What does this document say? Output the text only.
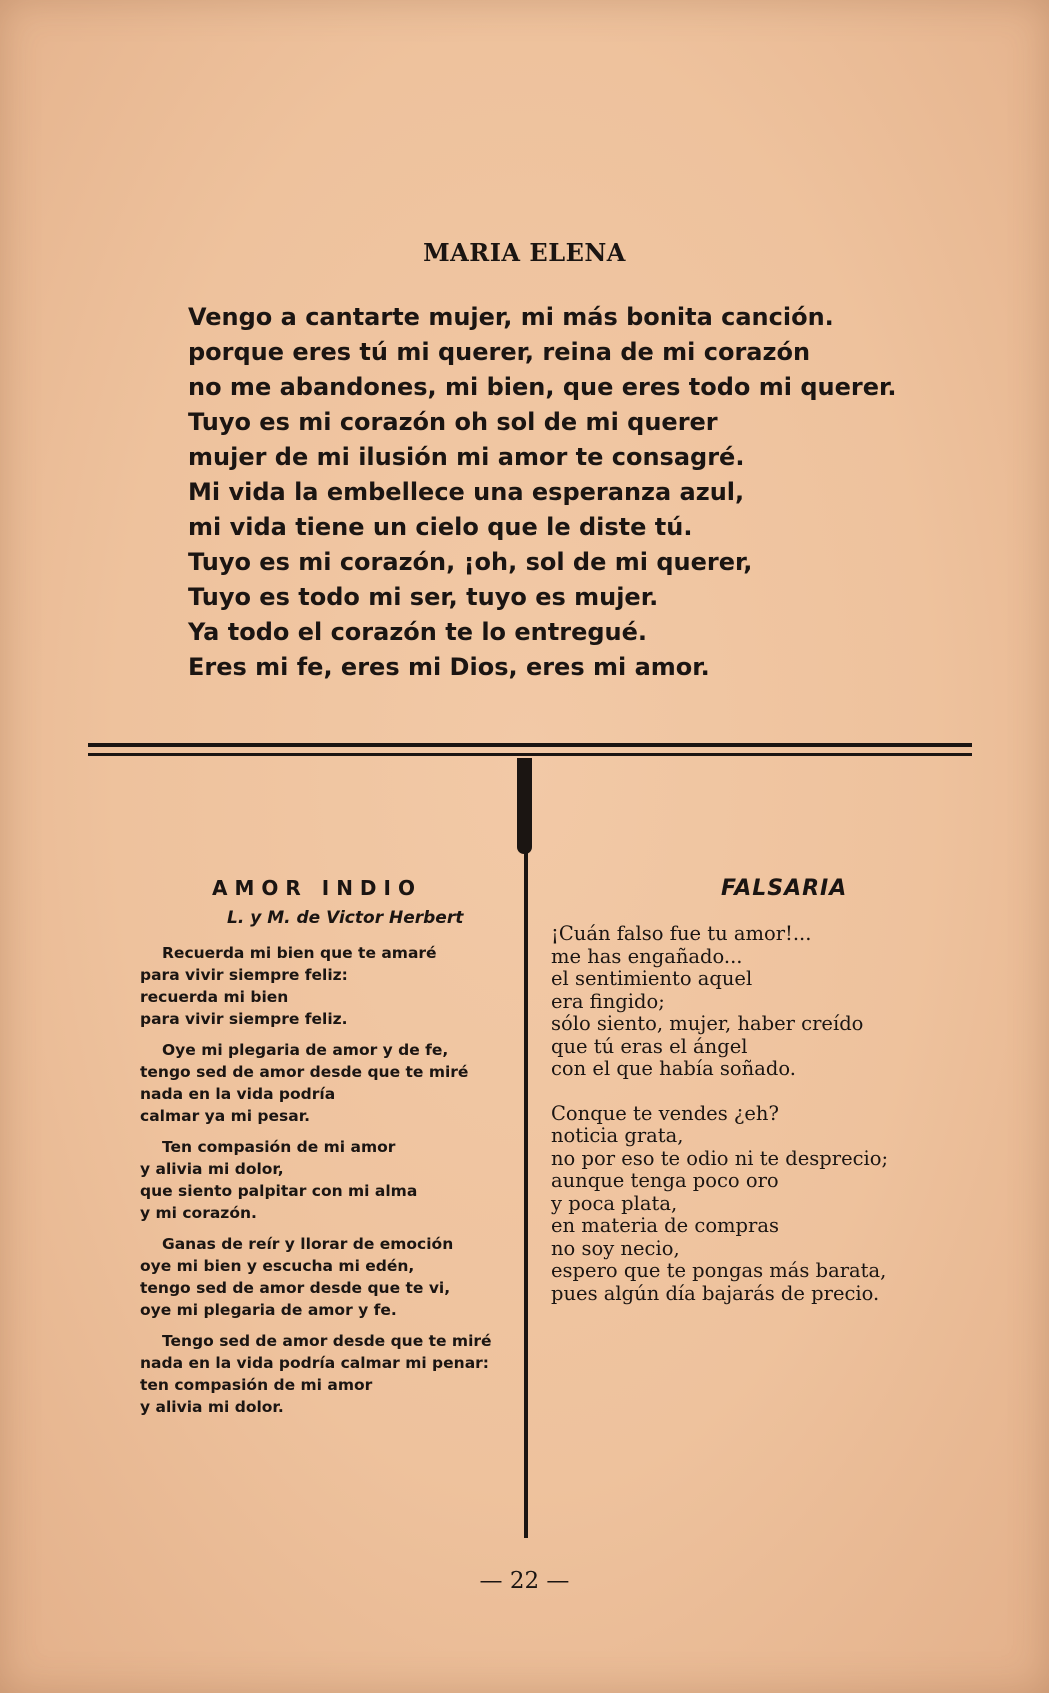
MARIA ELENA
Vengo a cantarte mujer, mi más bonita canción.
porque eres tú mi querer, reina de mi corazón
no me abandones, mi bien, que eres todo mi querer.
Tuyo es mi corazón oh sol de mi querer
mujer de mi ilusión mi amor te consagré.
Mi vida la embellece una esperanza azul,
mi vida tiene un cielo que le diste tú.
Tuyo es mi corazón, ¡oh, sol de mi querer,
Tuyo es todo mi ser, tuyo es mujer.
Ya todo el corazón te lo entregué.
Eres mi fe, eres mi Dios, eres mi amor.
AMOR INDIO
L. y M. de Victor Herbert
Recuerda mi bien que te amaré
para vivir siempre feliz:
recuerda mi bien
para vivir siempre feliz.
Oye mi plegaria de amor y de fe,
tengo sed de amor desde que te miré
nada en la vida podría
calmar ya mi pesar.
Ten compasión de mi amor
y alivia mi dolor,
que siento palpitar con mi alma
y mi corazón.
Ganas de reír y llorar de emoción
oye mi bien y escucha mi edén,
tengo sed de amor desde que te vi,
oye mi plegaria de amor y fe.
Tengo sed de amor desde que te miré
nada en la vida podría calmar mi penar:
ten compasión de mi amor
y alivia mi dolor.
FALSARIA
¡Cuán falso fue tu amor!...
me has engañado...
el sentimiento aquel
era fingido;
sólo siento, mujer, haber creído
que tú eras el ángel
con el que había soñado.
Conque te vendes ¿eh?
noticia grata,
no por eso te odio ni te desprecio;
aunque tenga poco oro
y poca plata,
en materia de compras
no soy necio,
espero que te pongas más barata,
pues algún día bajarás de precio.
— 22 —
